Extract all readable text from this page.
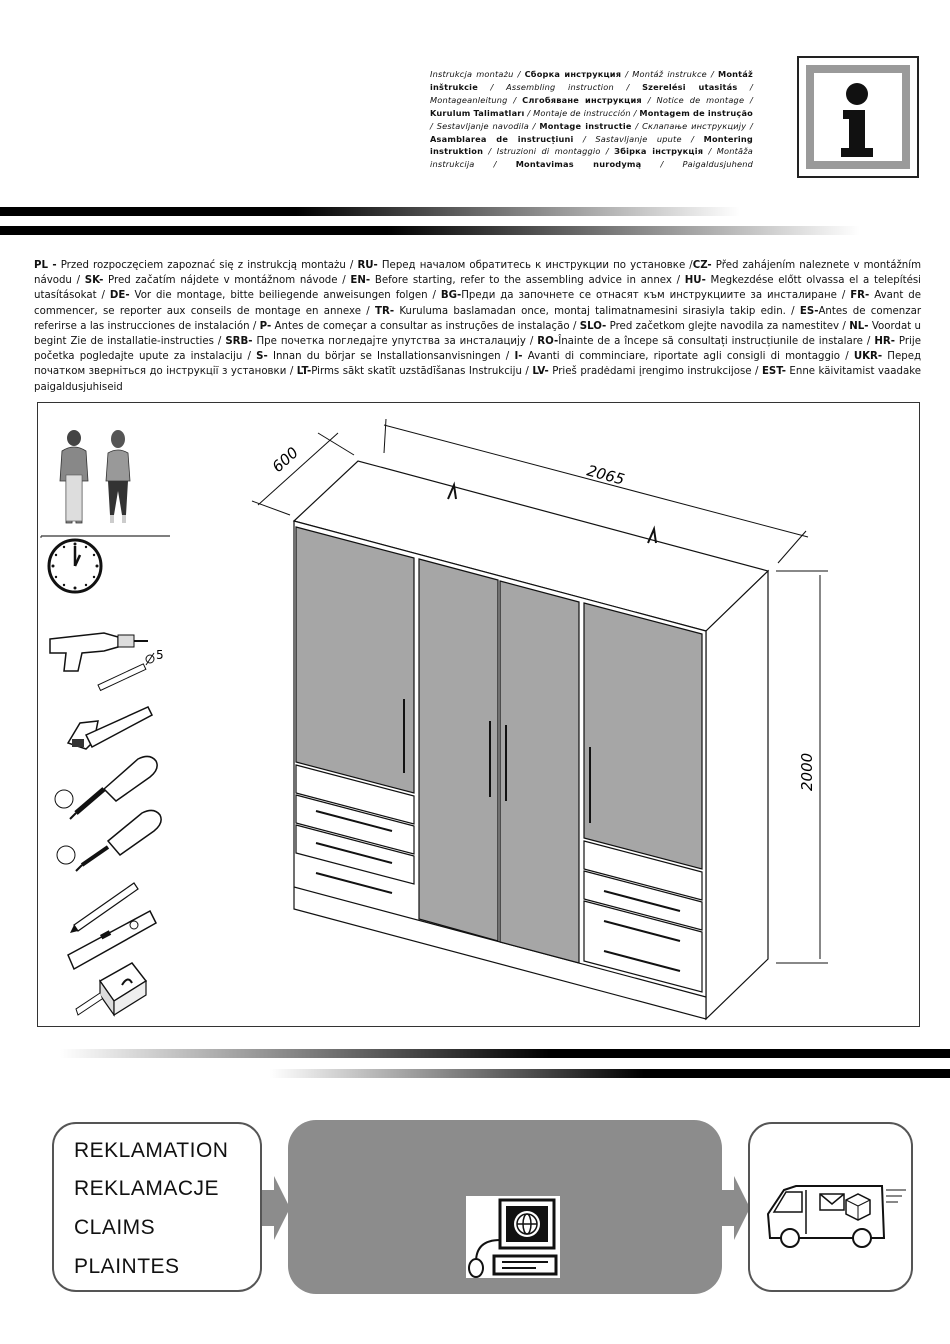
Instrukcja montażu / Сборка инструкция / Montáž instrukce / Montáž inštrukcie / Assembling instruction / Szerelési utasitás / Montageanleitung / Слгобяване инструкция / Notice de montage / Kurulum Talimatları / Montaje de instrucción / Montagem de instrução / Sestavljanje navodila / Montage instructie / Склапање инструкцију / Asamblarea de instrucțiuni / Sastavljanje upute / Montering instruktion / Istruzioni di montaggio / Збірка інструкція / Montāža instrukcija / Montavimas nurodymą / Paigaldusjuhend
PL - Przed rozpoczęciem zapoznać się z instrukcją montażu / RU- Перед началом обратитесь к инструкции по установке /CZ- Před zahájením naleznete v montážním návodu / SK- Pred začatím nájdete v montážnom návode / EN- Before starting, refer to the assembling advice in annex / HU- Megkezdése előtt olvassa el a telepítési utasításokat / DE- Vor die montage, bitte beiliegende anweisungen folgen / BG-Преди да започнете се отнасят към инструкциите за инсталиране / FR- Avant de commencer, se reporter aux conseils de montage en annexe / TR- Kuruluma baslamadan once, montaj talimatnamesini sirasiyla takip edin. / ES-Antes de comenzar referirse a las instrucciones de instalación / P- Antes de começar a consultar as instruções de instalação / SLO- Pred začetkom glejte navodila za namestitev / NL- Voordat u begint Zie de installatie-instructies / SRB- Пре почетка погледајте упутства за инсталацију / RO-Înainte de a începe să consultați instrucțiunile de instalare / HR- Prije početka pogledajte upute za instalaciju / S- Innan du börjar se Installationsanvisningen / I- Avanti di comminciare, riportate agli consigli di montaggio / UKR- Перед початком зверніться до інструкції з установки / LT-Pirms sākt skatīt uzstādīšanas Instrukciju / LV- Prieš pradėdami įrengimo instrukcijose / EST- Enne käivitamist vaadake paigaldusjuhiseid
5
600	2065
2000
REKLAMATION
REKLAMACJE
CLAIMS
PLAINTES
